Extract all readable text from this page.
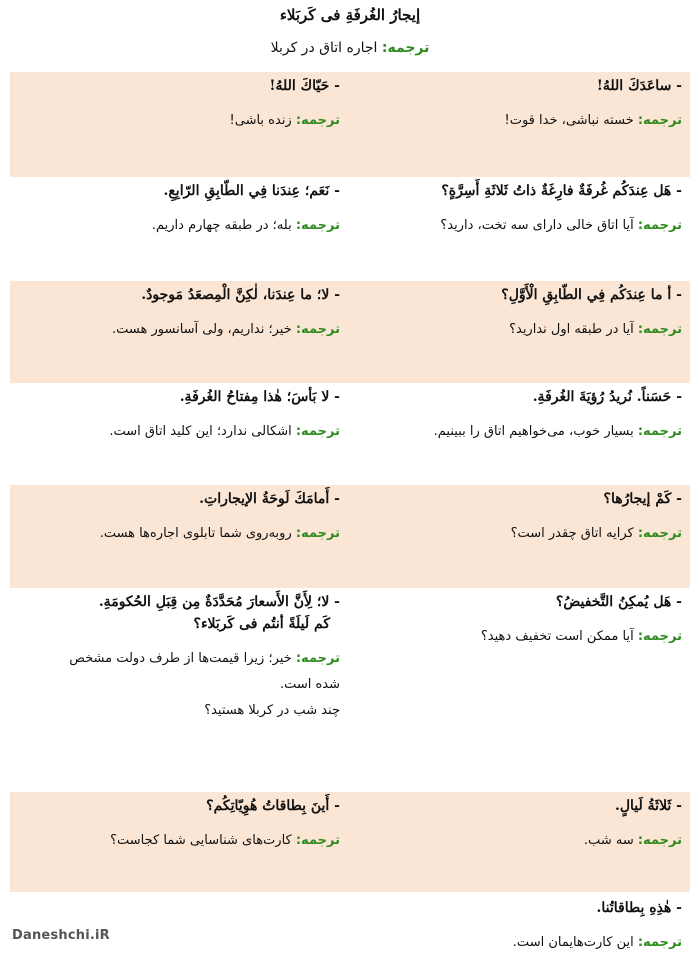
إيجارُ الغُرفَةِ فی کَربَلاء
ترجمه: اجاره اتاق در کربلا
- ساعَدَكَ اللهُ!
ترجمه: خسته نباشی، خدا قوت!
- حَيّاكَ اللهُ!
ترجمه: زنده باشی!
- هَل عِندَکُم غُرفَةٌ فارِغَةٌ ذاتُ ثَلاثَةِ أَسِرَّةٍ؟
ترجمه: آیا اتاق خالی دارای سه تخت، دارید؟
- نَعَم؛ عِندَنا فِي الطّابِقِ الرّابِعِ.
ترجمه: بله؛ در طبقه چهارم داریم.
- أ ما عِندَکُم فِي الطّابِقِ الْأَوَّلِ؟
ترجمه: آیا در طبقه اول ندارید؟
- لا؛ ما عِندَنا، لٰكِنَّ الْمِصعَدُ مَوجودٌ.
ترجمه: خیر؛ نداریم، ولی آسانسور هست.
- حَسَناً. نُريدُ رُؤيَةَ الغُرفَةِ.
ترجمه: بسیار خوب، می‌خواهیم اتاق را ببینیم.
- لا بَأسَ؛ هٰذا مِفتاحُ الغُرفَةِ.
ترجمه: اشکالی ندارد؛ این کلید اتاق است.
- كَمْ إيجارُها؟
ترجمه: کرایه اتاق چقدر است؟
- أَمامَكَ لَوحَةُ الإيجاراتِ.
ترجمه: روبه‌روی شما تابلوی اجاره‌ها هست.
- هَل يُمكِنُ التَّخفيضُ؟
ترجمه: آیا ممکن است تخفیف دهید؟
- لا؛ لِأَنَّ الأَسعارَ مُحَدَّدَةٌ مِن قِبَلِ الحُكومَةِ.
كَم لَيلَةً أنتُم فی کَربَلاء؟
ترجمه: خیر؛ زیرا قیمت‌ها از طرف دولت مشخص
شده است.
چند شب در کربلا هستید؟
- ثَلاثَةُ لَيالٍ.
ترجمه: سه شب.
- أَينَ بِطاقاتُ هُوِيّاتِكُم؟
ترجمه: کارت‌های شناسایی شما کجاست؟
- هٰذِهِ بِطاقاتُنا.
ترجمه: این کارت‌هایمان است.
Daneshchi.iR
